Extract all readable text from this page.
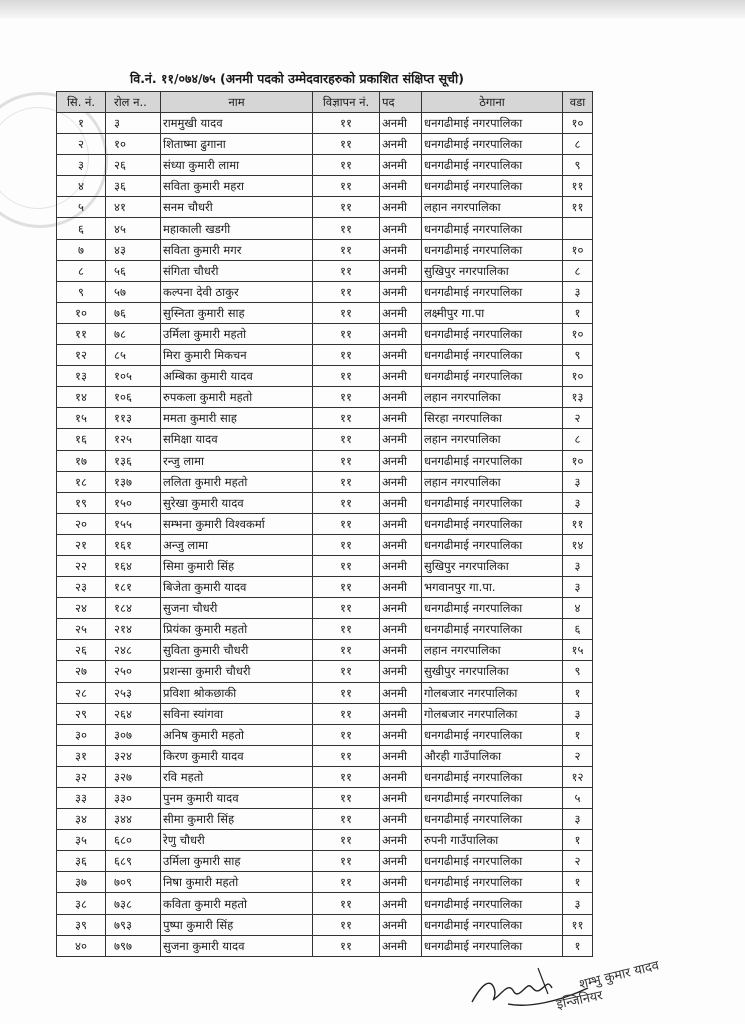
वि.नं. ११/०७४/७५ (अनमी पदको उम्मेदवारहरुको प्रकाशित संक्षिप्त सूची)
सि. नं.	रोल न..	नाम	विज्ञापन नं.	पद	ठेगाना	वडा
१	३	राममुखी यादव	११	अनमी	धनगढीमाई नगरपालिका	१०
२	१०	शिताष्मा ढुगाना	११	अनमी	धनगढीमाई नगरपालिका	८
३	२६	संध्या कुमारी लामा	११	अनमी	धनगढीमाई नगरपालिका	९
४	३६	सविता कुमारी महरा	११	अनमी	धनगढीमाई नगरपालिका	११
५	४१	सनम चौधरी	११	अनमी	लहान नगरपालिका	११
६	४५	महाकाली खडगी	११	अनमी	धनगढीमाई नगरपालिका	
७	४३	सविता कुमारी मगर	११	अनमी	धनगढीमाई नगरपालिका	१०
८	५६	संगिता चौधरी	११	अनमी	सुखिपुर नगरपालिका	८
९	५७	कल्पना देवी ठाकुर	११	अनमी	धनगढीमाई नगरपालिका	३
१०	७६	सुस्निता कुमारी साह	११	अनमी	लक्ष्मीपुर गा.पा	१
११	७८	उर्मिला कुमारी महतो	११	अनमी	धनगढीमाई नगरपालिका	१०
१२	८५	मिरा कुमारी मिकचन	११	अनमी	धनगढीमाई नगरपालिका	९
१३	१०५	अम्बिका कुमारी यादव	११	अनमी	धनगढीमाई नगरपालिका	१०
१४	१०६	रुपकला कुमारी महतो	११	अनमी	लहान नगरपालिका	१३
१५	११३	ममता कुमारी साह	११	अनमी	सिरहा नगरपालिका	२
१६	१२५	समिक्षा यादव	११	अनमी	लहान नगरपालिका	८
१७	१३६	रन्जु लामा	११	अनमी	धनगढीमाई नगरपालिका	१०
१८	१३७	ललिता कुमारी महतो	११	अनमी	लहान नगरपालिका	३
१९	१५०	सुरेखा कुमारी यादव	११	अनमी	धनगढीमाई नगरपालिका	३
२०	१५५	सम्भना कुमारी विश्वकर्मा	११	अनमी	धनगढीमाई नगरपालिका	११
२१	१६१	अन्जु लामा	११	अनमी	धनगढीमाई नगरपालिका	१४
२२	१६४	सिमा कुमारी सिंह	११	अनमी	सुखिपुर नगरपालिका	३
२३	१८१	बिजेता कुमारी यादव	११	अनमी	भगवानपुर गा.पा.	३
२४	१८४	सुजना चौधरी	११	अनमी	धनगढीमाई नगरपालिका	४
२५	२१४	प्रियंका कुमारी महतो	११	अनमी	धनगढीमाई नगरपालिका	६
२६	२४८	सुविता कुमारी चौधरी	११	अनमी	लहान नगरपालिका	१५
२७	२५०	प्रशन्सा कुमारी चौधरी	११	अनमी	सुखीपुर नगरपालिका	९
२८	२५३	प्रविशा श्रोकछाकी	११	अनमी	गोलबजार नगरपालिका	१
२९	२६४	सविना स्यांगवा	११	अनमी	गोलबजार नगरपालिका	३
३०	३०७	अनिष कुमारी महतो	११	अनमी	धनगढीमाई नगरपालिका	१
३१	३२४	किरण कुमारी यादव	११	अनमी	औरही गाउँपालिका	२
३२	३२७	रवि महतो	११	अनमी	धनगढीमाई नगरपालिका	१२
३३	३३०	पुनम कुमारी यादव	११	अनमी	धनगढीमाई नगरपालिका	५
३४	३४४	सीमा कुमारी सिंह	११	अनमी	धनगढीमाई नगरपालिका	३
३५	६८०	रेणु चौधरी	११	अनमी	रुपनी गाउँपालिका	१
३६	६८९	उर्मिला कुमारी साह	११	अनमी	धनगढीमाई नगरपालिका	२
३७	७०९	निषा कुमारी महतो	११	अनमी	धनगढीमाई नगरपालिका	१
३८	७३८	कविता कुमारी महतो	११	अनमी	धनगढीमाई नगरपालिका	३
३९	७९३	पुष्पा कुमारी सिंह	११	अनमी	धनगढीमाई नगरपालिका	११
४०	७९७	सुजना कुमारी यादव	११	अनमी	धनगढीमाई नगरपालिका	१
शम्भु कुमार यादव
इन्जिनियर
